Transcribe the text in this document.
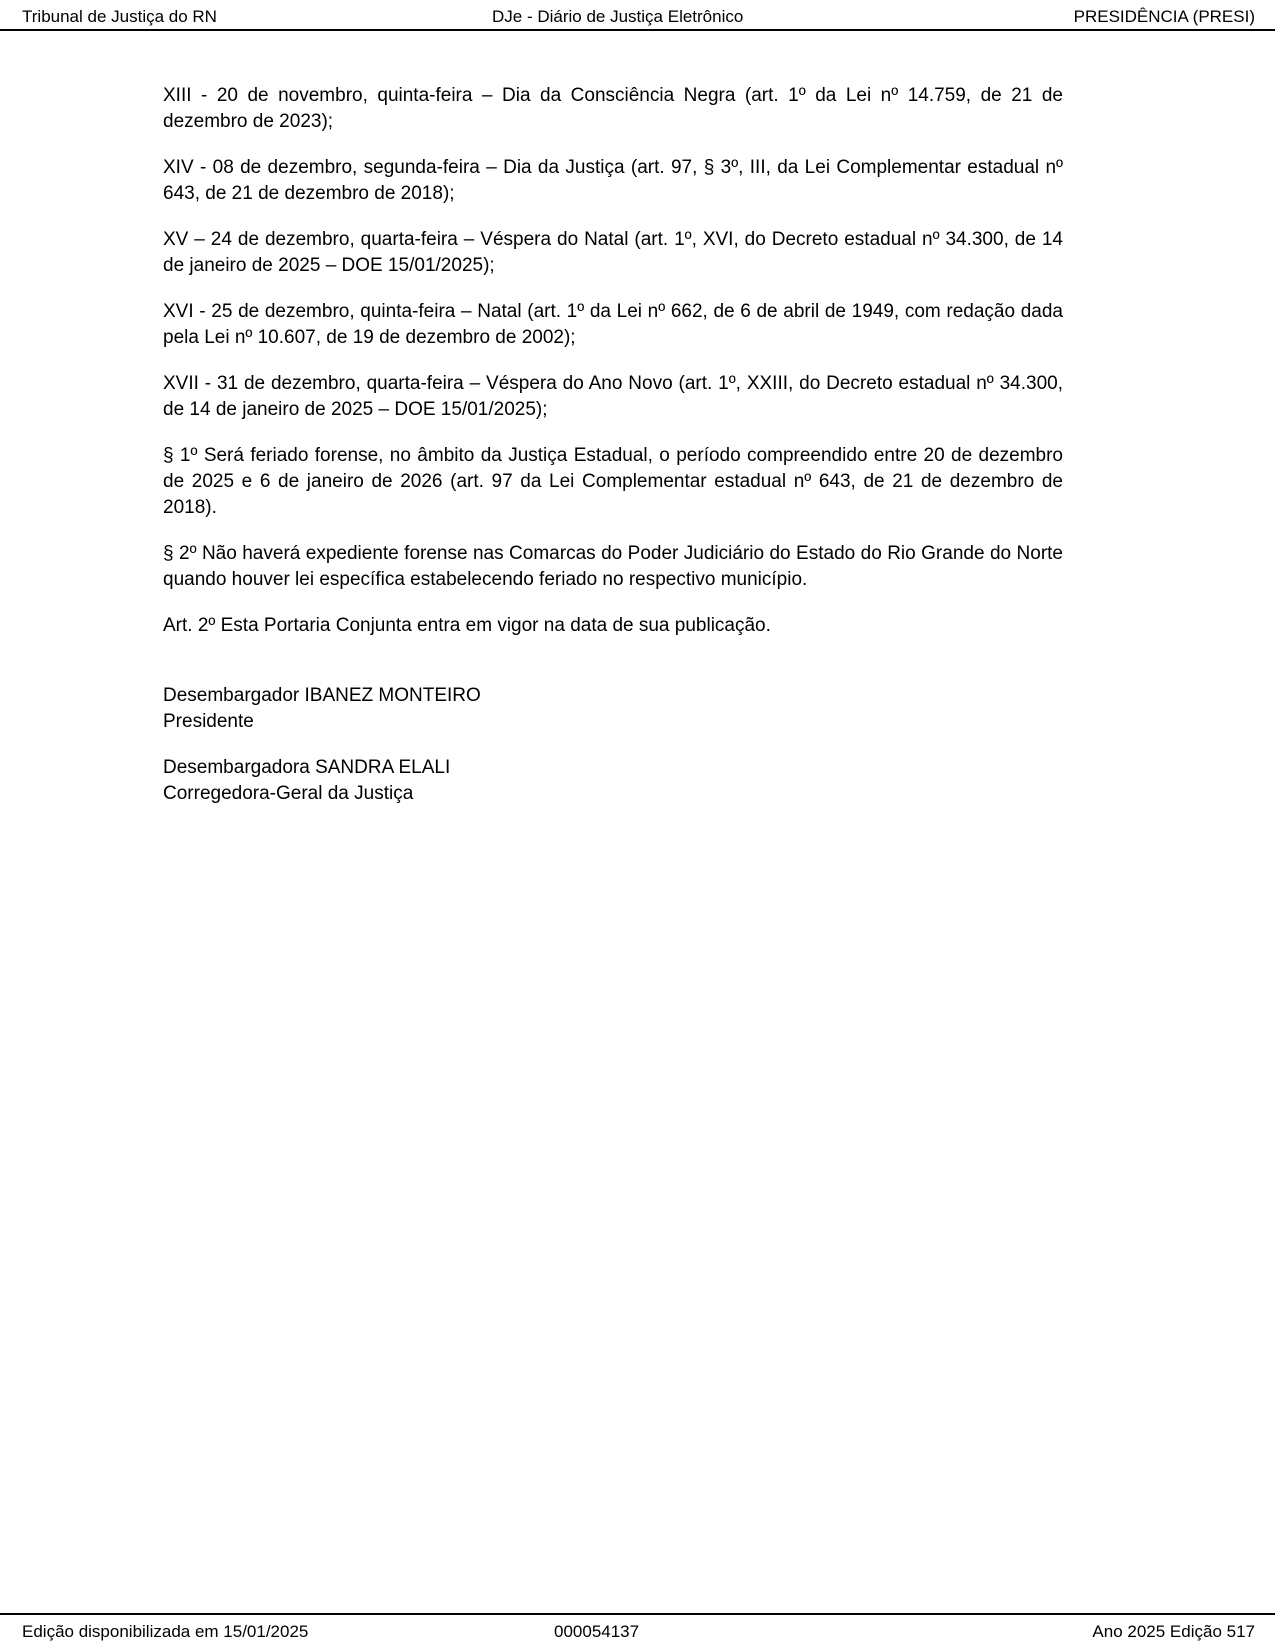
Tribunal de Justiça do RN	DJe - Diário de Justiça Eletrônico	PRESIDÊNCIA (PRESI)

XIII - 20 de novembro, quinta-feira – Dia da Consciência Negra (art. 1º da Lei nº 14.759, de 21 de dezembro de 2023);

XIV - 08 de dezembro, segunda-feira – Dia da Justiça (art. 97, § 3º, III, da Lei Complementar estadual nº 643, de 21 de dezembro de 2018);

XV – 24 de dezembro, quarta-feira – Véspera do Natal (art. 1º, XVI, do Decreto estadual nº 34.300, de 14 de janeiro de 2025 – DOE 15/01/2025);

XVI - 25 de dezembro, quinta-feira – Natal (art. 1º da Lei nº 662, de 6 de abril de 1949, com redação dada pela Lei nº 10.607, de 19 de dezembro de 2002);

XVII - 31 de dezembro, quarta-feira – Véspera do Ano Novo (art. 1º, XXIII, do Decreto estadual nº 34.300, de 14 de janeiro de 2025 – DOE 15/01/2025);

§ 1º Será feriado forense, no âmbito da Justiça Estadual, o período compreendido entre 20 de dezembro de 2025 e 6 de janeiro de 2026 (art. 97 da Lei Complementar estadual nº 643, de 21 de dezembro de 2018).

§ 2º Não haverá expediente forense nas Comarcas do Poder Judiciário do Estado do Rio Grande do Norte quando houver lei específica estabelecendo feriado no respectivo município.

Art. 2º Esta Portaria Conjunta entra em vigor na data de sua publicação.

Desembargador IBANEZ MONTEIRO
Presidente
Desembargadora SANDRA ELALI
Corregedora-Geral da Justiça
Edição disponibilizada em 15/01/2025	000054137	Ano 2025 Edição 517
